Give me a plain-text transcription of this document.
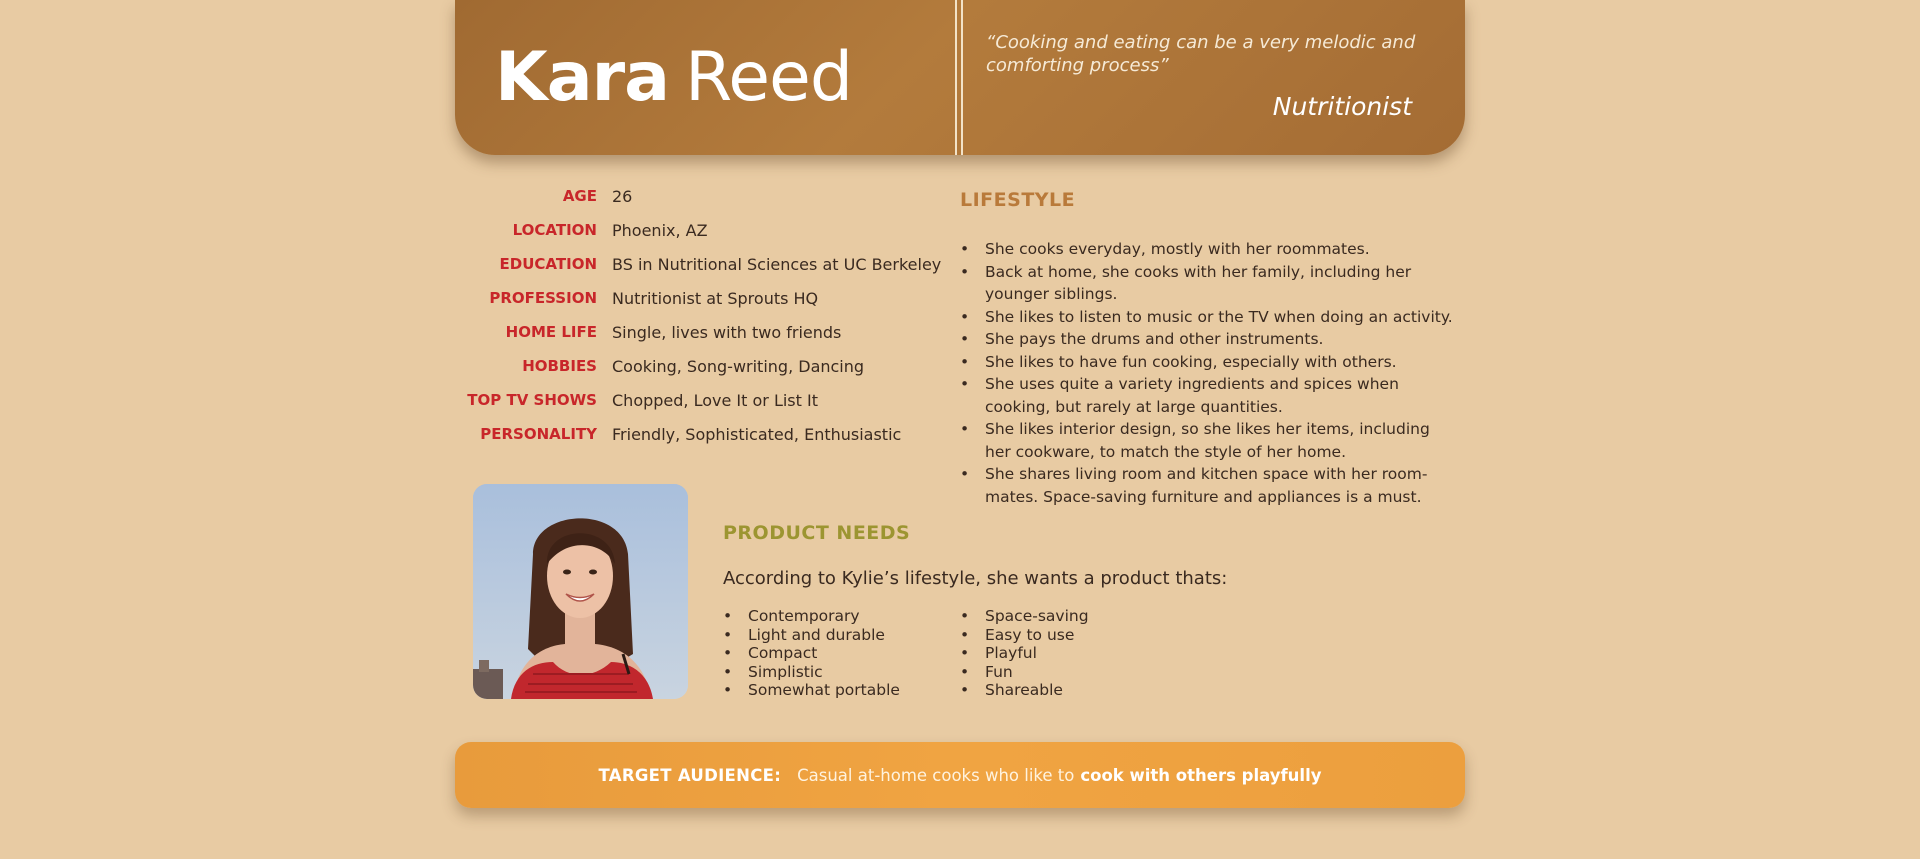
Kara Reed	“Cooking and eating can be a very melodic and comforting process”
Nutritionist
AGE 26
LOCATION Phoenix, AZ
EDUCATION BS in Nutritional Sciences at UC Berkeley
PROFESSION Nutritionist at Sprouts HQ
HOME LIFE Single, lives with two friends
HOBBIES Cooking, Song-writing, Dancing
TOP TV SHOWS Chopped, Love It or List It
PERSONALITY Friendly, Sophisticated, Enthusiastic
LIFESTYLE
• She cooks everyday, mostly with her roommates.
• Back at home, she cooks with her family, including her younger siblings.
• She likes to listen to music or the TV when doing an activity.
• She pays the drums and other instruments.
• She likes to have fun cooking, especially with others.
• She uses quite a variety ingredients and spices when cooking, but rarely at large quantities.
• She likes interior design, so she likes her items, including her cookware, to match the style of her home.
• She shares living room and kitchen space with her room-mates. Space-saving furniture and appliances is a must.
PRODUCT NEEDS
According to Kylie’s lifestyle, she wants a product thats:
• Contemporary
• Light and durable
• Compact
• Simplistic
• Somewhat portable
• Space-saving
• Easy to use
• Playful
• Fun
• Shareable
TARGET AUDIENCE: Casual at-home cooks who like to cook with others playfully
